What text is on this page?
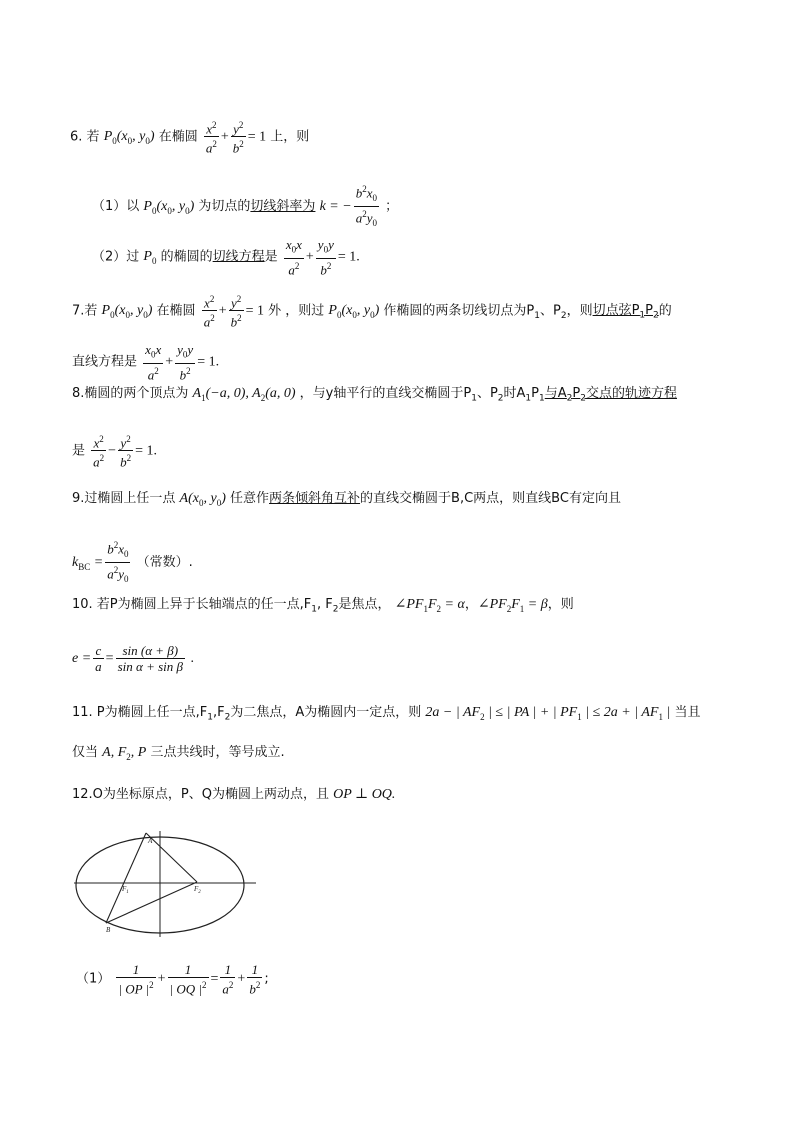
6. 若 $P_0(x_0$, $y_0$) 在椭圆 $\frac{x^2}{a^2} + \frac{y^2}{b^2} = 1$ 上，则
（1）以 $P_0(x_0$, $y_0$) 为切点的切线斜率为 k = − $\frac{b^2x_0}{a^2y_0}$ ；
（2）过 $P_0$ 的椭圆的切线方程是 $\frac{x_0x}{a^2} + \frac{y_0y}{b^2} = 1$.
7.若 $P_0(x_0$, $y_0$) 在椭圆 $\frac{x^2}{a^2} + \frac{y^2}{b^2} = 1$ 外 ，则过 $P_0(x_0$, $y_0$) 作椭圆的两条切线切点为$P_1$、$P_2$，则切点弦$P_1P_2$的
直线方程是 $\frac{x_0x}{a^2} + \frac{y_0y}{b^2} = 1$.
8.椭圆的两个顶点为 $A_1(-a$, 0), $A_2(a$, 0) ，与y轴平行的直线交椭圆于$P_1$、$P_2$时$A_1P_1$与$A_2P_2$交点的轨迹方程
是 $\frac{x^2}{a^2} - \frac{y^2}{b^2} = 1$.
9.过椭圆上任一点 $A(x_0$, $y_0$) 任意作两条倾斜角互补的直线交椭圆于B,C两点，则直线BC有定向且
$k_{BC} = \frac{b^2x_0}{a^2y_0}$ （常数）.
10. 若P为椭圆上异于长轴端点的任一点$,F_1$, $F_2$是焦点， $\angle PF_1F_2 = \alpha$，$\angle PF_2F_1 = \beta$，则
$e = \frac{c}{a} = \frac{\sin (\alpha + \beta)}{\text{sin α + sin β}}$ .
11. P为椭圆上任一点$,F_1,F_2$为二焦点，A为椭圆内一定点，则 2a − | $AF_2$ | ≤ | PA | + | $PF_1$ | ≤ 2a + | $AF_1$ | 当且
仅当 A, $F_2$, P 三点共线时，等号成立.
12.O为坐标原点，P、Q为椭圆上两动点，且 OP ⊥ OQ.
A
$F_1$	$F_2$
B
$(1) \frac{1}{| OP |^2} + \frac{1}{| OQ |^2} = \frac{1}{a^2} + \frac{1}{b^2}$ ;
